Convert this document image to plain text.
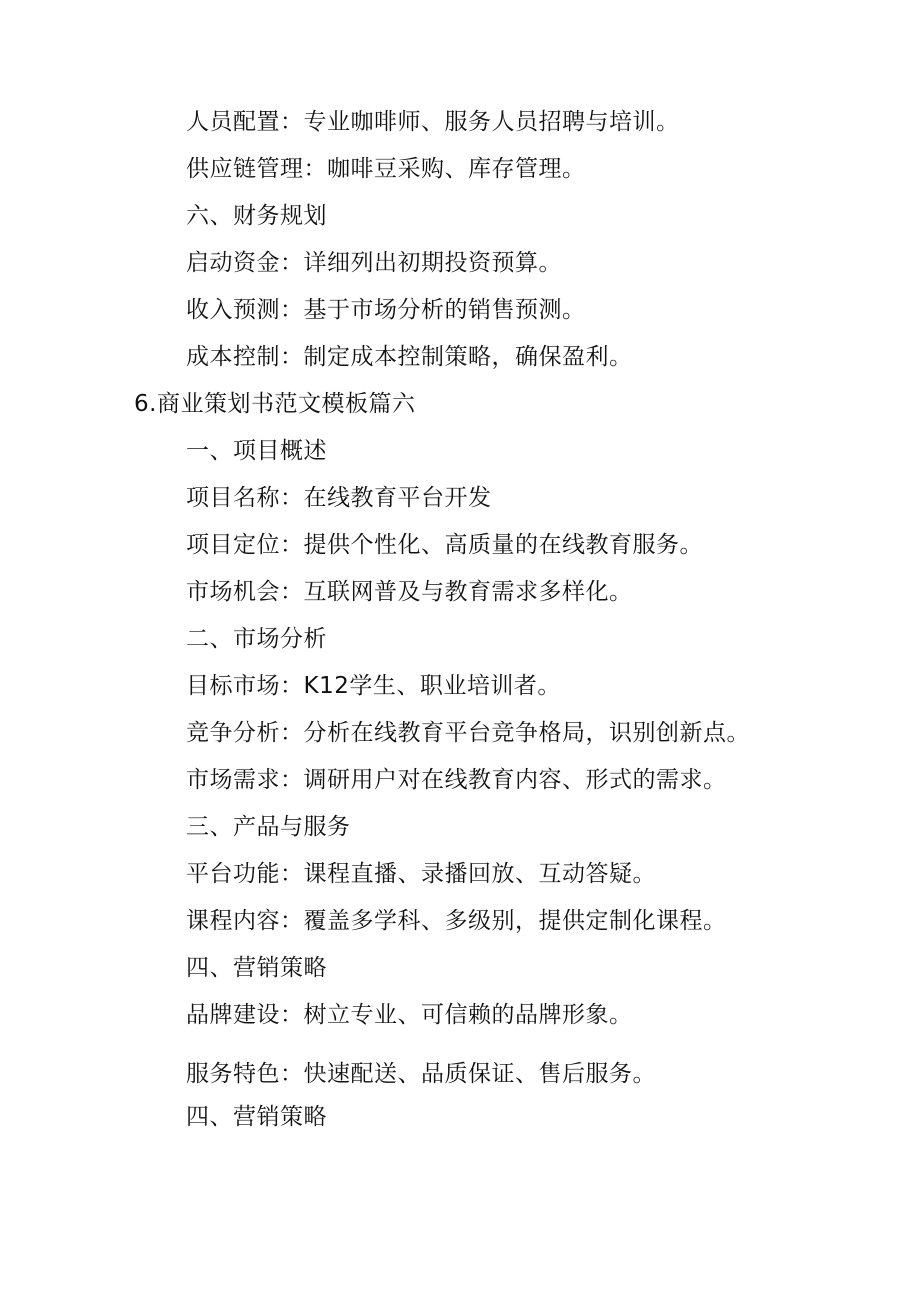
人员配置：专业咖啡师、服务人员招聘与培训。
供应链管理：咖啡豆采购、库存管理。
六、财务规划
启动资金：详细列出初期投资预算。
收入预测：基于市场分析的销售预测。
成本控制：制定成本控制策略，确保盈利。
6.商业策划书范文模板篇六
一、项目概述
项目名称：在线教育平台开发
项目定位：提供个性化、高质量的在线教育服务。
市场机会：互联网普及与教育需求多样化。
二、市场分析
目标市场：K12学生、职业培训者。
竞争分析：分析在线教育平台竞争格局，识别创新点。
市场需求：调研用户对在线教育内容、形式的需求。
三、产品与服务
平台功能：课程直播、录播回放、互动答疑。
课程内容：覆盖多学科、多级别，提供定制化课程。
四、营销策略
品牌建设：树立专业、可信赖的品牌形象。
服务特色：快速配送、品质保证、售后服务。
四、营销策略
